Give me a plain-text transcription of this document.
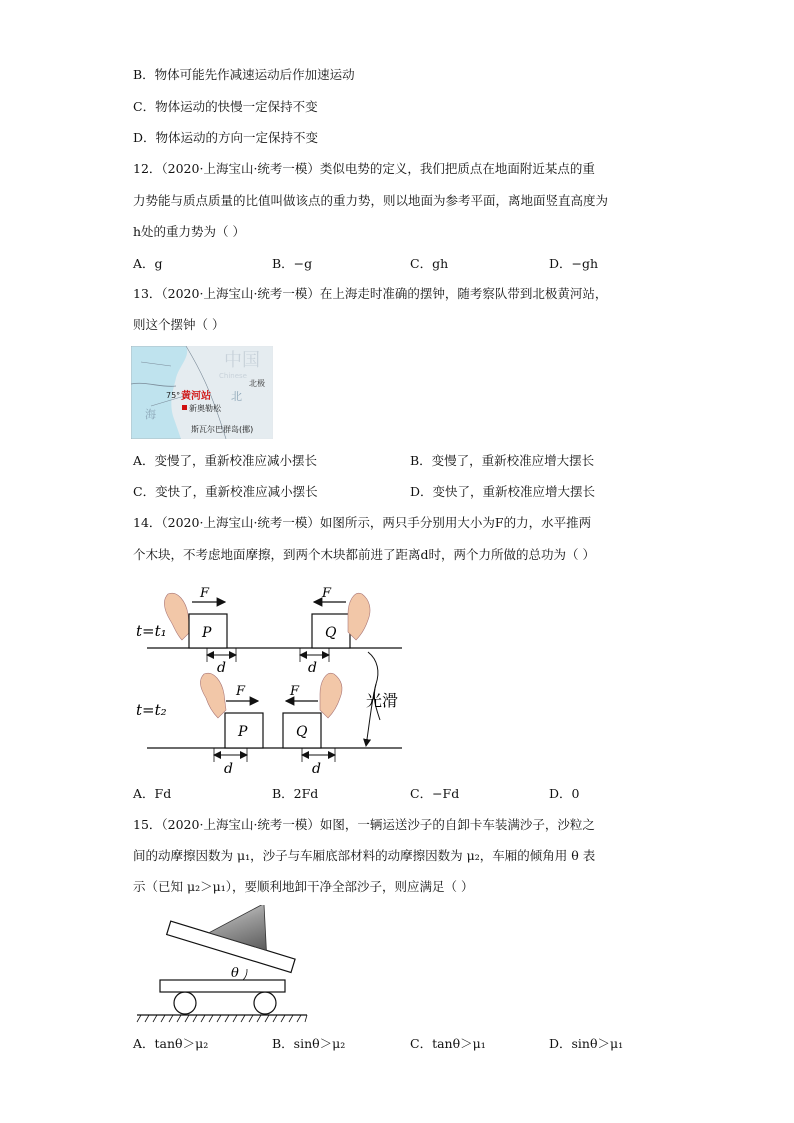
B．物体可能先作减速运动后作加速运动
C．物体运动的快慢一定保持不变
D．物体运动的方向一定保持不变
12．（2020·上海宝山·统考一模）类似电势的定义，我们把质点在地面附近某点的重
力势能与质点质量的比值叫做该点的重力势，则以地面为参考平面，离地面竖直高度为
h处的重力势为（ ）
A．g	B．−g	C．gh	D．−gh
13．（2020·上海宝山·统考一模）在上海走时准确的摆钟，随考察队带到北极黄河站，
则这个摆钟（ ）
中国
Chinese
北极
北
海
75° 黄河站
新奥勒松
斯瓦尔巴群岛(挪)
A．变慢了，重新校准应减小摆长	B．变慢了，重新校准应增大摆长
C．变快了，重新校准应减小摆长	D．变快了，重新校准应增大摆长
14．（2020·上海宝山·统考一模）如图所示，两只手分别用大小为F的力，水平推两
个木块，不考虑地面摩擦，到两个木块都前进了距离d时，两个力所做的总功为（ ）
t=t₁	P
F
d
Q
F
d
光滑
t=t₂
P
F
d
Q
F
d
A．Fd	B．2Fd	C．−Fd	D．0
15．（2020·上海宝山·统考一模）如图，一辆运送沙子的自卸卡车装满沙子，沙粒之
间的动摩擦因数为 μ₁，沙子与车厢底部材料的动摩擦因数为 μ₂，车厢的倾角用 θ 表
示（已知 μ₂＞μ₁），要顺利地卸干净全部沙子，则应满足（ ）
θ
A．tanθ＞μ₂	B．sinθ＞μ₂	C．tanθ＞μ₁	D．sinθ＞μ₁
